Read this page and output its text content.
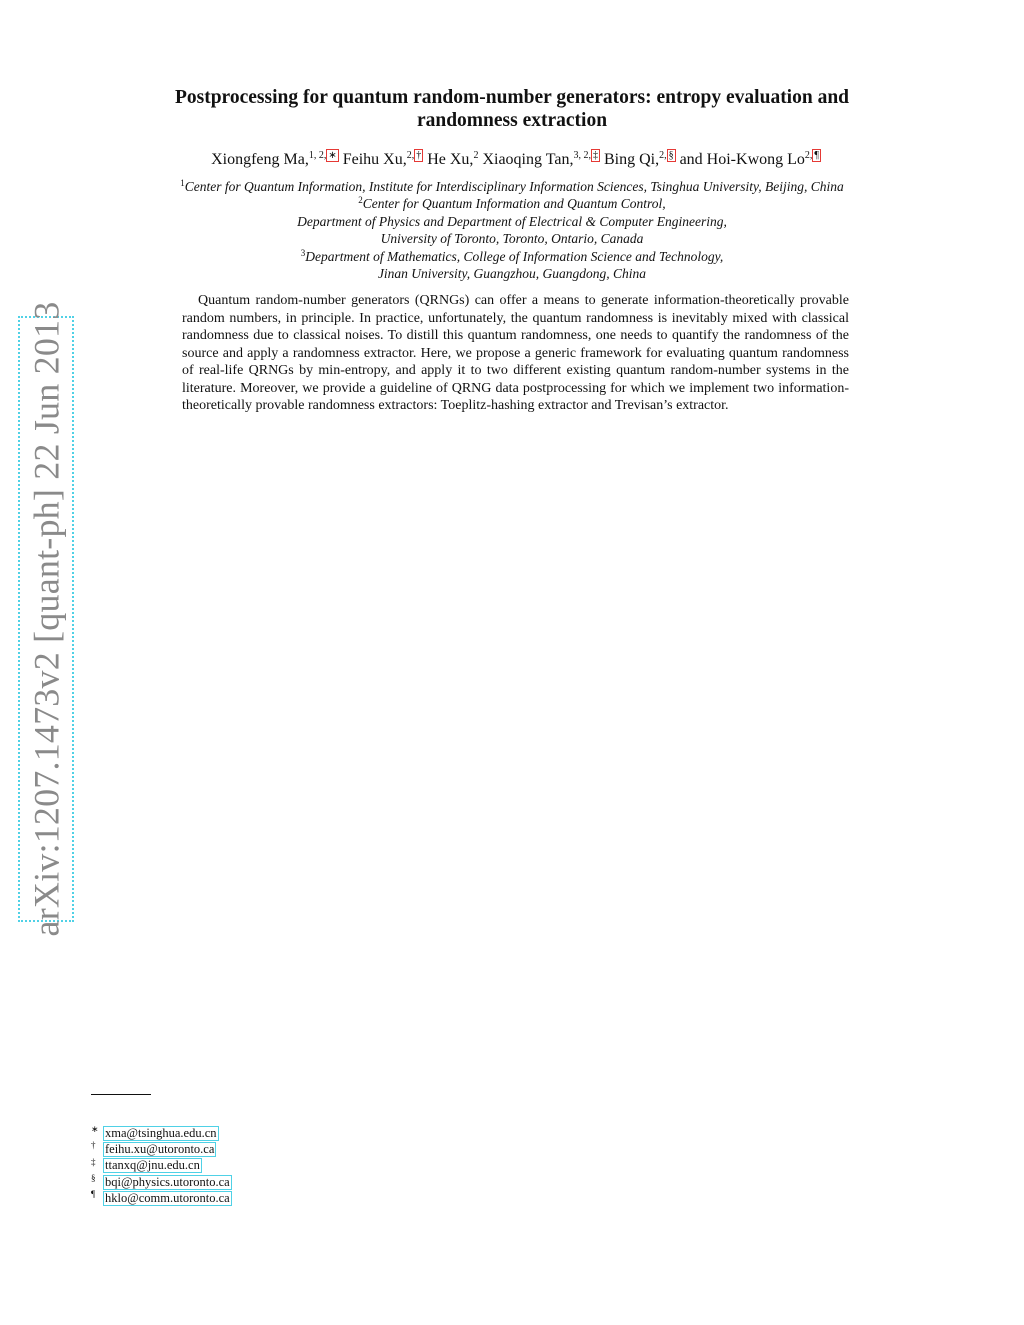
arXiv:1207.1473v2 [quant-ph] 22 Jun 2013
Postprocessing for quantum random-number generators: entropy evaluation and
randomness extraction
Xiongfeng Ma,$^{1, 2,}$ ∗ Feihu Xu,$^{2,}$ † He Xu,$^2$ Xiaoqing Tan,$^{3, 2,}$ ‡ Bing Qi,$^{2,}$ § and Hoi-Kwong $Lo^{2,}$ ¶
$^1$Center for Quantum Information, Institute for Interdisciplinary Information Sciences, Tsinghua University, Beijing, China
$^2$Center for Quantum Information and Quantum Control,
Department of Physics and Department of Electrical & Computer Engineering,
University of Toronto, Toronto, Ontario, Canada
$^3$Department of Mathematics, College of Information Science and Technology,
Jinan University, Guangzhou, Guangdong, China

Quantum random-number generators (QRNGs) can offer a means to generate information-theoretically provable random numbers, in principle. In practice, unfortunately, the quantum randomness is inevitably mixed with classical randomness due to classical noises. To distill this quantum randomness, one needs to quantify the randomness of the source and apply a randomness extractor. Here, we propose a generic framework for evaluating quantum randomness of real-life QRNGs by min-entropy, and apply it to two different existing quantum random-number systems in the literature. Moreover, we provide a guideline of QRNG data postprocessing for which we implement two information-theoretically provable randomness extractors: Toeplitz-hashing extractor and Trevisan’s extractor.

∗ xma@tsinghua.edu.cn
† feihu.xu@utoronto.ca
‡ ttanxq@jnu.edu.cn
§ bqi@physics.utoronto.ca
¶ hklo@comm.utoronto.ca
